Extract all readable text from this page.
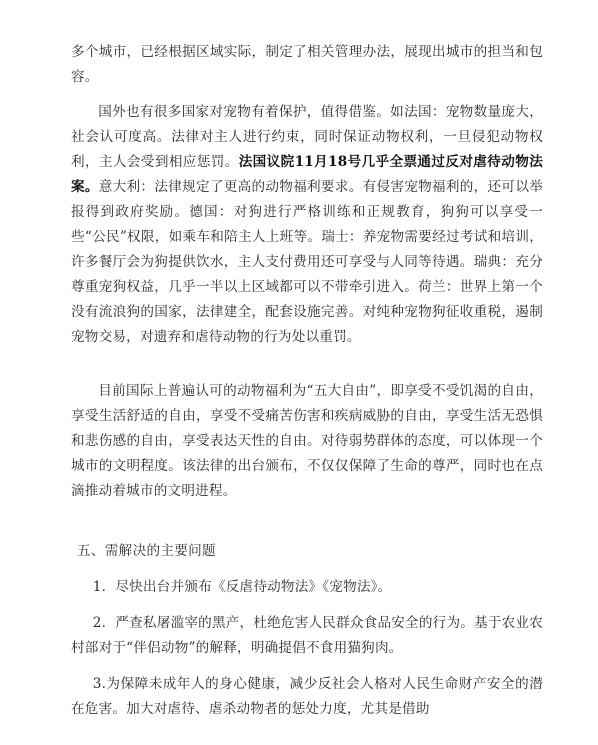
多个城市，已经根据区域实际，制定了相关管理办法，展现出城市的担当和包容。

国外也有很多国家对宠物有着保护，值得借鉴。如法国：宠物数量庞大，社会认可度高。法律对主人进行约束，同时保证动物权利，一旦侵犯动物权利，主人会受到相应惩罚。法国议院11月18号几乎全票通过反对虐待动物法案。意大利：法律规定了更高的动物福利要求。有侵害宠物福利的，还可以举报得到政府奖励。德国：对狗进行严格训练和正规教育，狗狗可以享受一些“公民”权限，如乘车和陪主人上班等。瑞士：养宠物需要经过考试和培训，许多餐厅会为狗提供饮水，主人支付费用还可享受与人同等待遇。瑞典：充分尊重宠狗权益，几乎一半以上区域都可以不带牵引进入。荷兰：世界上第一个没有流浪狗的国家，法律建全，配套设施完善。对纯种宠物狗征收重税，遏制宠物交易，对遗弃和虐待动物的行为处以重罚。

目前国际上普遍认可的动物福利为“五大自由”，即享受不受饥渴的自由，享受生活舒适的自由，享受不受痛苦伤害和疾病威胁的自由，享受生活无恐惧和悲伤感的自由，享受表达天性的自由。对待弱势群体的态度，可以体现一个城市的文明程度。该法律的出台颁布，不仅仅保障了生命的尊严，同时也在点滴推动着城市的文明进程。

五、需解决的主要问题

1．尽快出台并颁布《反虐待动物法》《宠物法》。

2．严查私屠滥宰的黑产，杜绝危害人民群众食品安全的行为。基于农业农村部对于“伴侣动物”的解释，明确提倡不食用猫狗肉。

3.为保障未成年人的身心健康，减少反社会人格对人民生命财产安全的潜在危害。加大对虐待、虐杀动物者的惩处力度，尤其是借助
